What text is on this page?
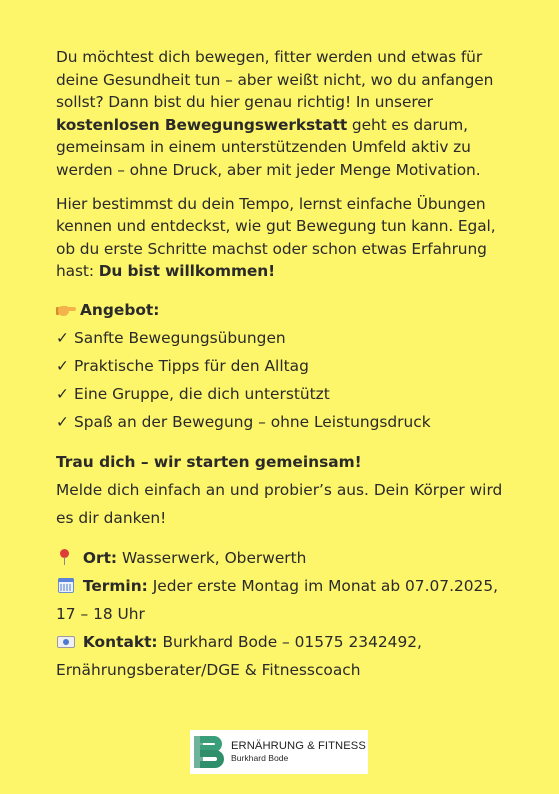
Du möchtest dich bewegen, fitter werden und etwas für deine Gesundheit tun – aber weißt nicht, wo du anfangen sollst? Dann bist du hier genau richtig! In unserer kostenlosen Bewegungswerkstatt geht es darum, gemeinsam in einem unterstützenden Umfeld aktiv zu werden – ohne Druck, aber mit jeder Menge Motivation.

Hier bestimmst du dein Tempo, lernst einfache Übungen kennen und entdeckst, wie gut Bewegung tun kann. Egal, ob du erste Schritte machst oder schon etwas Erfahrung hast: Du bist willkommen!

Angebot:
✓ Sanfte Bewegungsübungen
✓ Praktische Tipps für den Alltag
✓ Eine Gruppe, die dich unterstützt
✓ Spaß an der Bewegung – ohne Leistungsdruck

Trau dich – wir starten gemeinsam!

Melde dich einfach an und probier’s aus. Dein Körper wird es dir danken!

Ort: Wasserwerk, Oberwerth
Termin: Jeder erste Montag im Monat ab 07.07.2025, 17 – 18 Uhr
Kontakt: Burkhard Bode – 01575 2342492, Ernährungsberater/DGE & Fitnesscoach
ERNÄHRUNG & FITNESS
Burkhard Bode
